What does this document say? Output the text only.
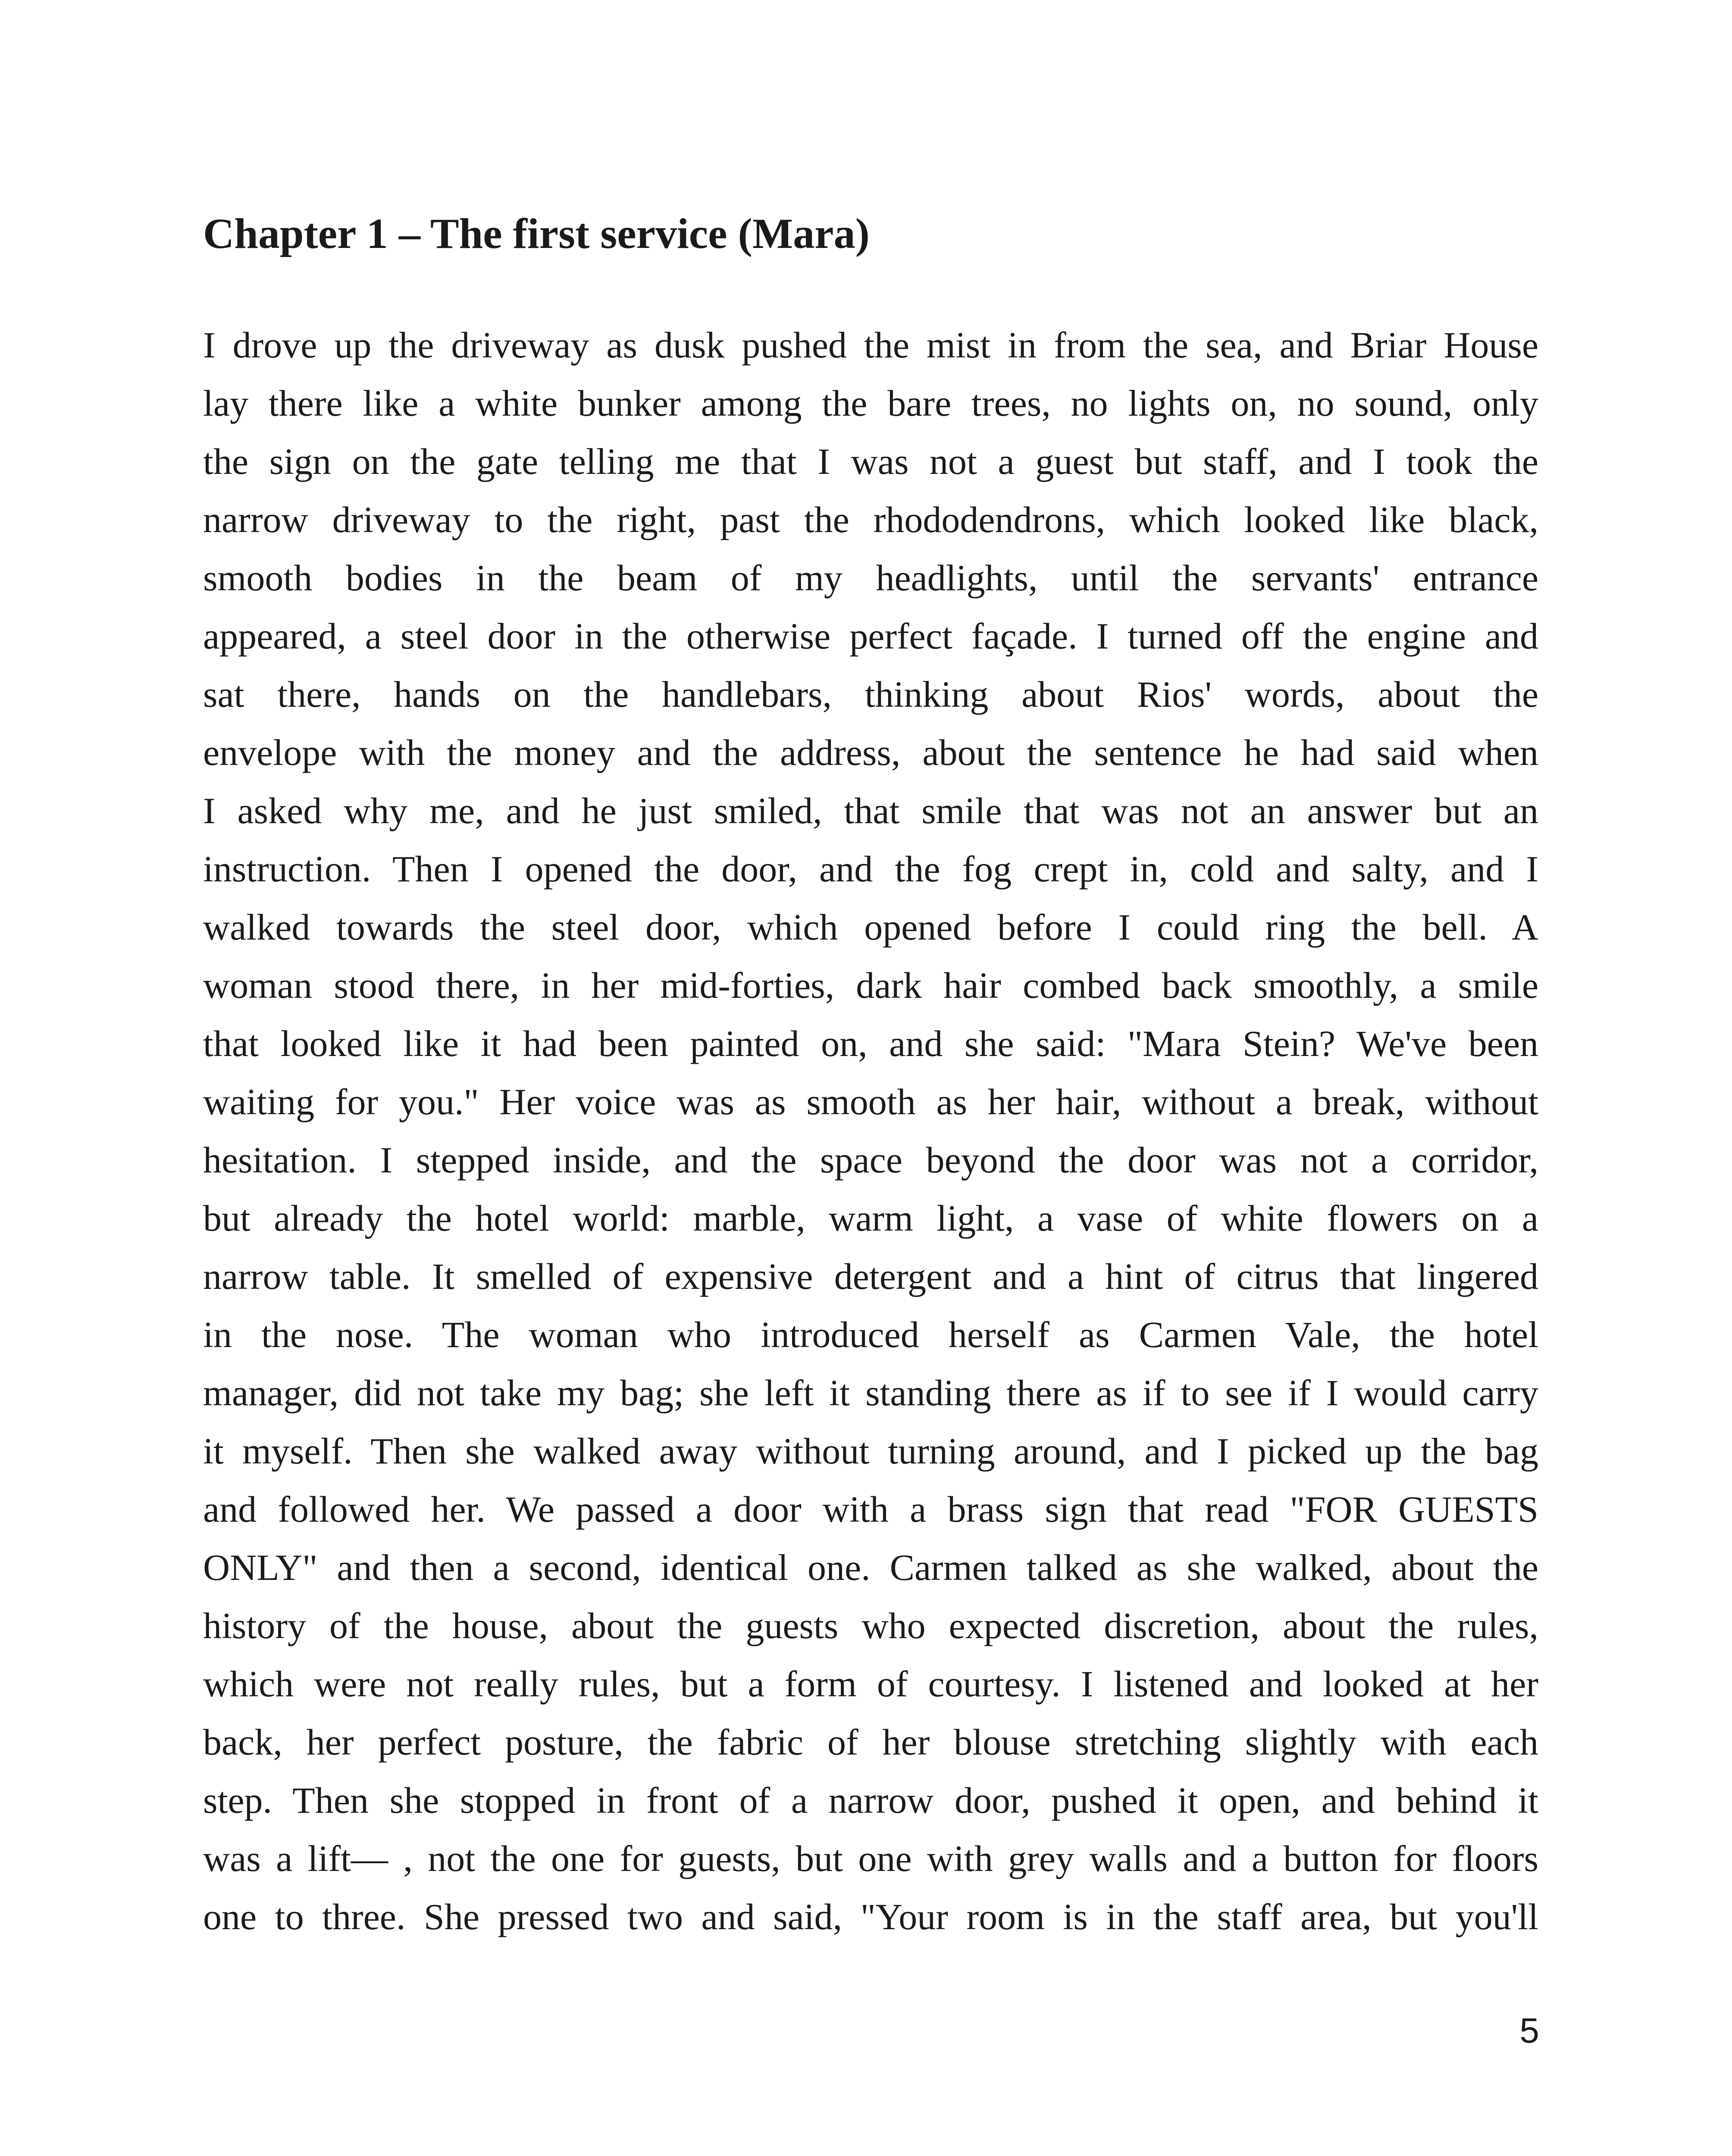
Chapter 1 – The first service (Mara)
I drove up the driveway as dusk pushed the mist in from the sea, and Briar House
lay there like a white bunker among the bare trees, no lights on, no sound, only
the sign on the gate telling me that I was not a guest but staff, and I took the
narrow driveway to the right, past the rhododendrons, which looked like black,
smooth bodies in the beam of my headlights, until the servants' entrance
appeared, a steel door in the otherwise perfect façade. I turned off the engine and
sat there, hands on the handlebars, thinking about Rios' words, about the
envelope with the money and the address, about the sentence he had said when
I asked why me, and he just smiled, that smile that was not an answer but an
instruction. Then I opened the door, and the fog crept in, cold and salty, and I
walked towards the steel door, which opened before I could ring the bell. A
woman stood there, in her mid-forties, dark hair combed back smoothly, a smile
that looked like it had been painted on, and she said: "Mara Stein? We've been
waiting for you." Her voice was as smooth as her hair, without a break, without
hesitation. I stepped inside, and the space beyond the door was not a corridor,
but already the hotel world: marble, warm light, a vase of white flowers on a
narrow table. It smelled of expensive detergent and a hint of citrus that lingered
in the nose. The woman who introduced herself as Carmen Vale, the hotel
manager, did not take my bag; she left it standing there as if to see if I would carry
it myself. Then she walked away without turning around, and I picked up the bag
and followed her. We passed a door with a brass sign that read "FOR GUESTS
ONLY" and then a second, identical one. Carmen talked as she walked, about the
history of the house, about the guests who expected discretion, about the rules,
which were not really rules, but a form of courtesy. I listened and looked at her
back, her perfect posture, the fabric of her blouse stretching slightly with each
step. Then she stopped in front of a narrow door, pushed it open, and behind it
was a lift— , not the one for guests, but one with grey walls and a button for floors
one to three. She pressed two and said, "Your room is in the staff area, but you'll
5
